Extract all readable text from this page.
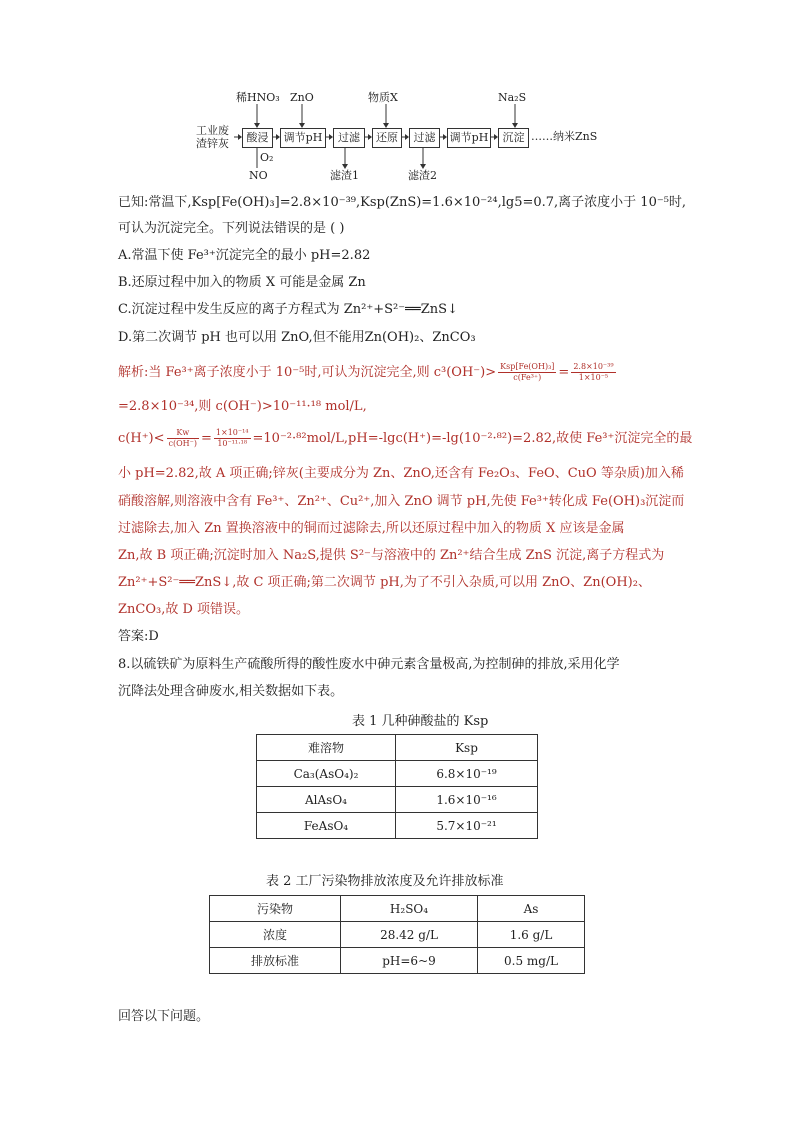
稀HNO₃ ZnO	物质X	Na₂S
工业废
渣锌灰	酸浸	调节pH	过滤	还原	过滤	调节pH	沉淀 ……纳米ZnS
O₂
NO	滤渣1	滤渣2
已知:常温下,Ksp[Fe(OH)₃]=2.8×10⁻³⁹,Ksp(ZnS)=1.6×10⁻²⁴,lg5=0.7,离子浓度小于 10⁻⁵时,
可认为沉淀完全。下列说法错误的是 ( )
A.常温下使 Fe³⁺沉淀完全的最小 pH=2.82
B.还原过程中加入的物质 X 可能是金属 Zn
C.沉淀过程中发生反应的离子方程式为 Zn²⁺+S²⁻══ZnS↓
D.第二次调节 pH 也可以用 ZnO,但不能用Zn(OH)₂、ZnCO₃
解析:当 Fe³⁺离子浓度小于 10⁻⁵时,可认为沉淀完全,则 $c^3(OH^-)> \frac{\text{Ksp[Fe(OH)₃]}}{\text{c(Fe³⁺)}} = \frac{\text{2.8×10⁻³⁹}}{\text{1×10⁻⁵}}$
=2.8×10⁻³⁴,则 c(OH⁻)>10⁻¹¹·¹⁸ mol/L,
$c(H^+)< \frac{Kw}{c(OH^-)} = \frac{\text{1×10⁻¹⁴}}{\text{10⁻¹¹·¹⁸}} =10^{-2}\cdot^{82}mol/L,pH=-\lg c(H^+)=-\lg(10^{-2}\cdot^{82})=2.82$,故使 Fe³⁺沉淀完全的最
小 pH=2.82,故 A 项正确;锌灰(主要成分为 Zn、ZnO,还含有 Fe₂O₃、FeO、CuO 等杂质)加入稀
硝酸溶解,则溶液中含有 Fe³⁺、Zn²⁺、Cu²⁺,加入 ZnO 调节 pH,先使 Fe³⁺转化成 Fe(OH)₃沉淀而
过滤除去,加入 Zn 置换溶液中的铜而过滤除去,所以还原过程中加入的物质 X 应该是金属
Zn,故 B 项正确;沉淀时加入 Na₂S,提供 S²⁻与溶液中的 Zn²⁺结合生成 ZnS 沉淀,离子方程式为
Zn²⁺+S²⁻══ZnS↓,故 C 项正确;第二次调节 pH,为了不引入杂质,可以用 ZnO、Zn(OH)₂、
ZnCO₃,故 D 项错误。
答案:D
8.以硫铁矿为原料生产硫酸所得的酸性废水中砷元素含量极高,为控制砷的排放,采用化学
沉降法处理含砷废水,相关数据如下表。
表 1 几种砷酸盐的 Ksp
难溶物	Ksp
Ca₃(AsO₄)₂	6.8×10⁻¹⁹
AlAsO₄	1.6×10⁻¹⁶
FeAsO₄	5.7×10⁻²¹
表 2 工厂污染物排放浓度及允许排放标准
污染物	H₂SO₄	As
浓度	28.42 g/L	1.6 g/L
排放标准	pH=6~9	0.5 mg/L
回答以下问题。
